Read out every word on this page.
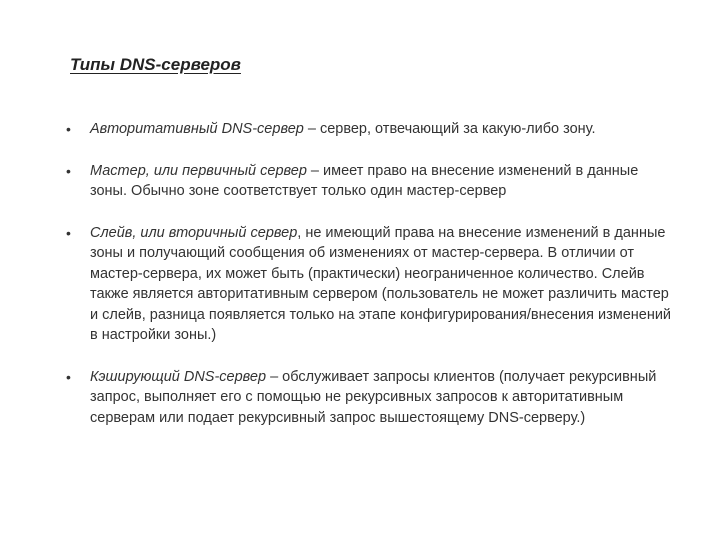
Типы DNS-серверов
• Авторитативный DNS-сервер – сервер, отвечающий за какую-либо зону.
• Мастер, или первичный сервер – имеет право на внесение изменений в данные зоны. Обычно зоне соответствует только один мастер-сервер
• Слейв, или вторичный сервер, не имеющий права на внесение изменений в данные зоны и получающий сообщения об изменениях от мастер-сервера. В отличии от мастер-сервера, их может быть (практически) неограниченное количество. Слейв также является авторитативным сервером (пользователь не может различить мастер и слейв, разница появляется только на этапе конфигурирования/внесения изменений в настройки зоны.)
• Кэширующий DNS-сервер – обслуживает запросы клиентов (получает рекурсивный запрос, выполняет его с помощью не рекурсивных запросов к авторитативным серверам или подает рекурсивный запрос вышестоящему DNS-серверу.)
